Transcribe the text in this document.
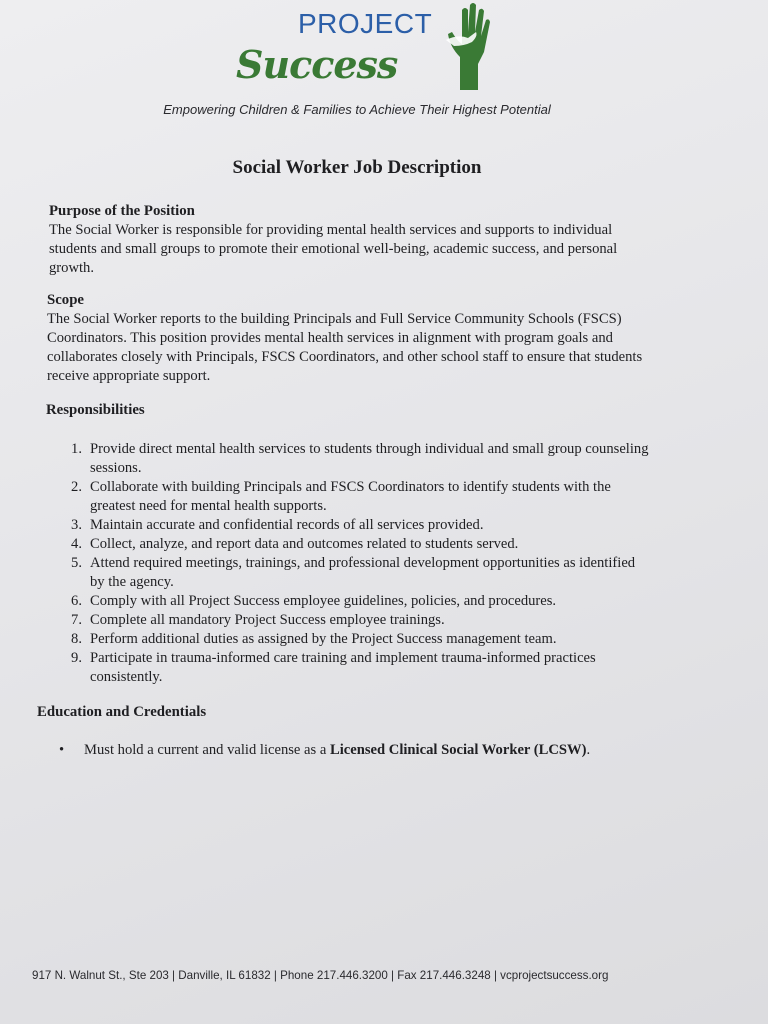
PROJECT
Success
Empowering Children & Families to Achieve Their Highest Potential
Social Worker Job Description
Purpose of the Position

The Social Worker is responsible for providing mental health services and supports to individual students and small groups to promote their emotional well-being, academic success, and personal growth.

Scope

The Social Worker reports to the building Principals and Full Service Community Schools (FSCS) Coordinators. This position provides mental health services in alignment with program goals and collaborates closely with Principals, FSCS Coordinators, and other school staff to ensure that students receive appropriate support.

Responsibilities
1. Provide direct mental health services to students through individual and small group counseling sessions.
2. Collaborate with building Principals and FSCS Coordinators to identify students with the greatest need for mental health supports.
3. Maintain accurate and confidential records of all services provided.
4. Collect, analyze, and report data and outcomes related to students served.
5. Attend required meetings, trainings, and professional development opportunities as identified by the agency.
6. Comply with all Project Success employee guidelines, policies, and procedures.
7. Complete all mandatory Project Success employee trainings.
8. Perform additional duties as assigned by the Project Success management team.
9. Participate in trauma-informed care training and implement trauma-informed practices consistently.
Education and Credentials
• Must hold a current and valid license as a Licensed Clinical Social Worker (LCSW).
917 N. Walnut St., Ste 203 | Danville, IL 61832 | Phone 217.446.3200 | Fax 217.446.3248 | vcprojectsuccess.org
